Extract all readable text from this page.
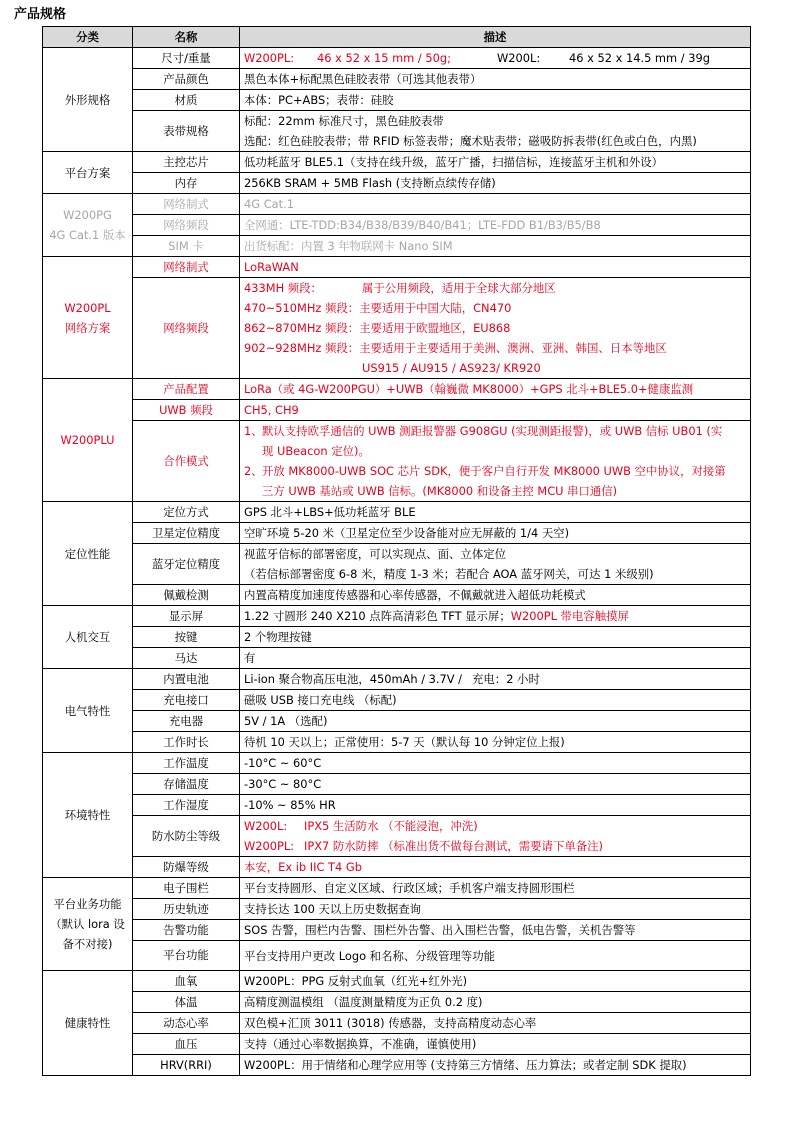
产品规格
分类	名称	描述
外形规格	尺寸/重量	W200PL: 46 x 52 x 15 mm / 50g; W200L: 46 x 52 x 14.5 mm / 39g
	产品颜色	黑色本体+标配黑色硅胶表带（可选其他表带）
	材质	本体：PC+ABS；表带：硅胶
	表带规格	标配：22mm 标准尺寸，黑色硅胶表带
选配：红色硅胶表带；带 RFID 标签表带；魔术贴表带；磁吸防拆表带(红色或白色，内黑)

平台方案	主控芯片	低功耗蓝牙 BLE5.1（支持在线升级，蓝牙广播，扫描信标，连接蓝牙主机和外设）
	内存	256KB SRAM + 5MB Flash (支持断点续传存储)

W200PG
4G Cat.1 版本	网络制式	4G Cat.1
	网络频段	全网通：LTE-TDD:B34/B38/B39/B40/B41；LTE-FDD B1/B3/B5/B8
	SIM 卡	出货标配：内置 3 年物联网卡 Nano SIM

W200PL
网络方案	网络制式	LoRaWAN
	网络频段	433MH 频段： 属于公用频段，适用于全球大部分地区
470~510MHz 频段：主要适用于中国大陆，CN470
862~870MHz 频段：主要适用于欧盟地区，EU868
902~928MHz 频段：主要适用于主要适用于美洲、澳洲、亚洲、韩国、日本等地区
US915 / AU915 / AS923/ KR920

W200PLU	产品配置	LoRa（或 4G-W200PGU）+UWB（翰巍微 MK8000）+GPS 北斗+BLE5.0+健康监测
	UWB 频段	CH5, CH9
	合作模式	1、默认支持欧孚通信的 UWB 测距报警器 G908GU (实现测距报警)，或 UWB 信标 UB01 (实
现 UBeacon 定位)。
2、开放 MK8000-UWB SOC 芯片 SDK，便于客户自行开发 MK8000 UWB 空中协议，对接第
三方 UWB 基站或 UWB 信标。(MK8000 和设备主控 MCU 串口通信)

定位性能	定位方式	GPS 北斗+LBS+低功耗蓝牙 BLE
	卫星定位精度	空旷环境 5-20 米（卫星定位至少设备能对应无屏蔽的 1/4 天空)
	蓝牙定位精度	视蓝牙信标的部署密度，可以实现点、面、立体定位
（若信标部署密度 6-8 米，精度 1-3 米；若配合 AOA 蓝牙网关，可达 1 米级别)

	佩戴检测	内置高精度加速度传感器和心率传感器，不佩戴就进入超低功耗模式
人机交互	显示屏	1.22 寸圆形 240 X210 点阵高清彩色 TFT 显示屏；W200PL 带电容触摸屏
	按键	2 个物理按键
	马达	有
电气特性	内置电池	Li-ion 聚合物高压电池，450mAh / 3.7V / 充电：2 小时
	充电接口	磁吸 USB 接口充电线 （标配)
	充电器	5V / 1A （选配)
	工作时长	待机 10 天以上；正常使用：5-7 天（默认每 10 分钟定位上报)
环境特性	工作温度	-10°C ~ 60°C
	存储温度	-30°C ~ 80°C
	工作湿度	-10% ~ 85% HR
	防水防尘等级	W200L: IPX5 生活防水 （不能浸泡，冲洗)
W200PL: IPX7 防水防摔 （标准出货不做每台测试，需要请下单备注)

	防爆等级	本安，Ex ib IIC T4 Gb

平台业务功能
（默认 lora 设
备不对接)	电子围栏	平台支持圆形、自定义区域、行政区域；手机客户端支持圆形围栏
	历史轨迹	支持长达 100 天以上历史数据查询
	告警功能	SOS 告警，围栏内告警、围栏外告警、出入围栏告警，低电告警，关机告警等
	平台功能	平台支持用户更改 Logo 和名称、分级管理等功能
健康特性	血氧	W200PL：PPG 反射式血氧（红光+红外光)
	体温	高精度测温模组 （温度测量精度为正负 0.2 度)
	动态心率	双色模+汇顶 3011 (3018) 传感器，支持高精度动态心率
	血压	支持（通过心率数据换算，不准确，谨慎使用)
	HRV(RRI)	W200PL：用于情绪和心理学应用等 (支持第三方情绪、压力算法；或者定制 SDK 提取)
